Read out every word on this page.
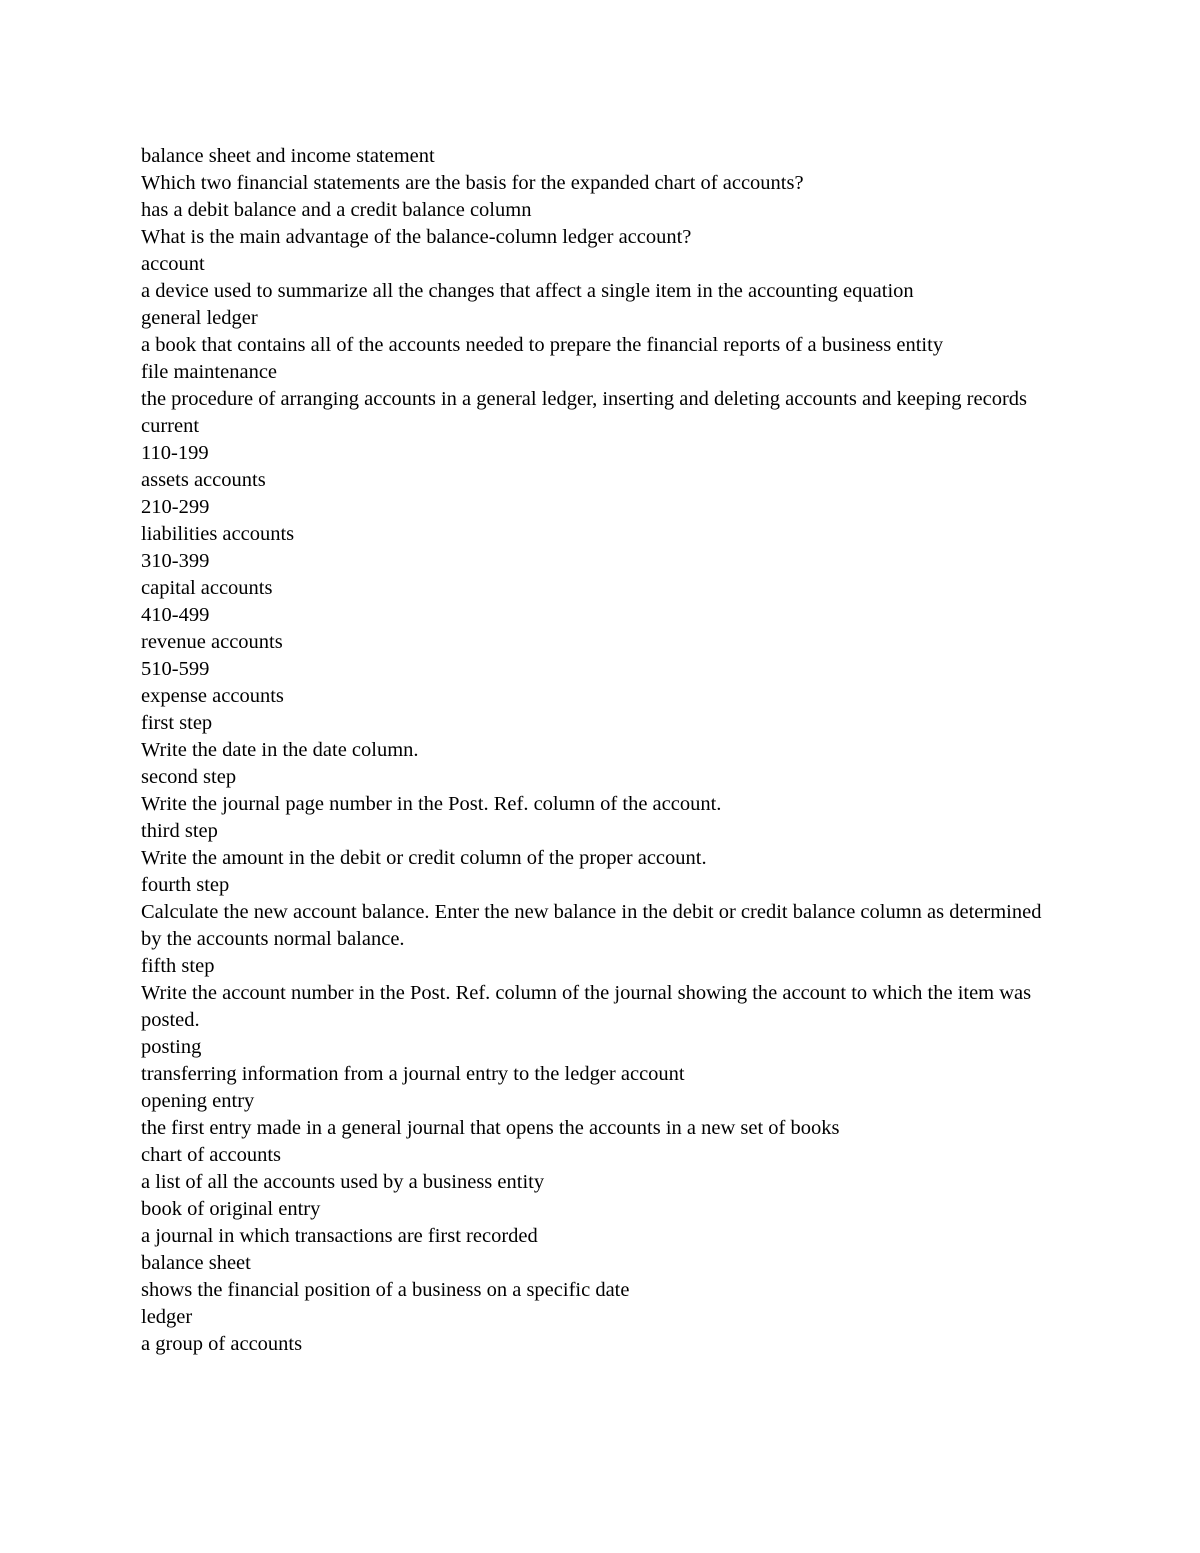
balance sheet and income statement
Which two financial statements are the basis for the expanded chart of accounts?
has a debit balance and a credit balance column
What is the main advantage of the balance-column ledger account?
account
a device used to summarize all the changes that affect a single item in the accounting equation
general ledger
a book that contains all of the accounts needed to prepare the financial reports of a business entity
file maintenance
the procedure of arranging accounts in a general ledger, inserting and deleting accounts and keeping records current
110-199
assets accounts
210-299
liabilities accounts
310-399
capital accounts
410-499
revenue accounts
510-599
expense accounts
first step
Write the date in the date column.
second step
Write the journal page number in the Post. Ref. column of the account.
third step
Write the amount in the debit or credit column of the proper account.
fourth step
Calculate the new account balance. Enter the new balance in the debit or credit balance column as determined by the accounts normal balance.
fifth step
Write the account number in the Post. Ref. column of the journal showing the account to which the item was posted.
posting
transferring information from a journal entry to the ledger account
opening entry
the first entry made in a general journal that opens the accounts in a new set of books
chart of accounts
a list of all the accounts used by a business entity
book of original entry
a journal in which transactions are first recorded
balance sheet
shows the financial position of a business on a specific date
ledger
a group of accounts
